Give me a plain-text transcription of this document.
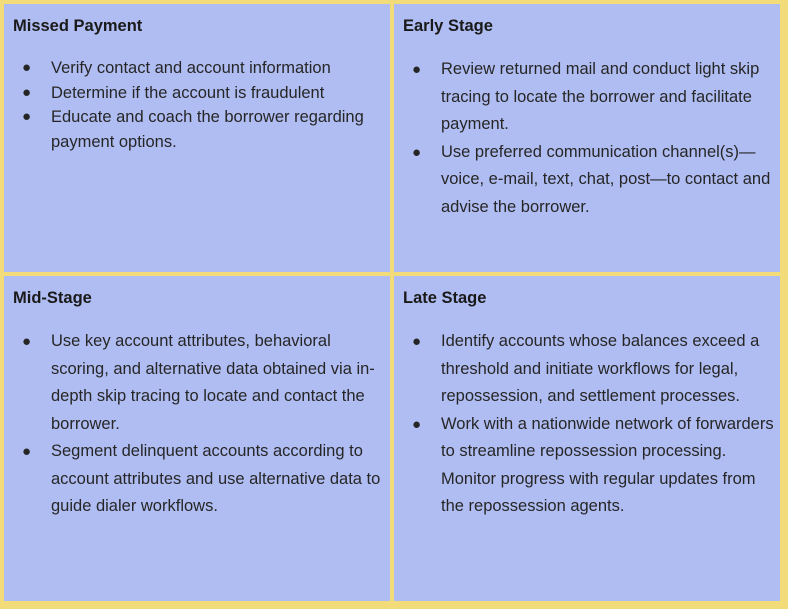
Missed Payment
● Verify contact and account information
● Determine if the account is fraudulent
● Educate and coach the borrower regarding payment options.
Early Stage
● Review returned mail and conduct light skip tracing to locate the borrower and facilitate payment.
● Use preferred communication channel(s)—voice, e-mail, text, chat, post—to contact and advise the borrower.
Mid-Stage
● Use key account attributes, behavioral scoring, and alternative data obtained via in-depth skip tracing to locate and contact the borrower.
● Segment delinquent accounts according to account attributes and use alternative data to guide dialer workflows.
Late Stage
● Identify accounts whose balances exceed a threshold and initiate workflows for legal, repossession, and settlement processes.
● Work with a nationwide network of forwarders to streamline repossession processing. Monitor progress with regular updates from the repossession agents.
